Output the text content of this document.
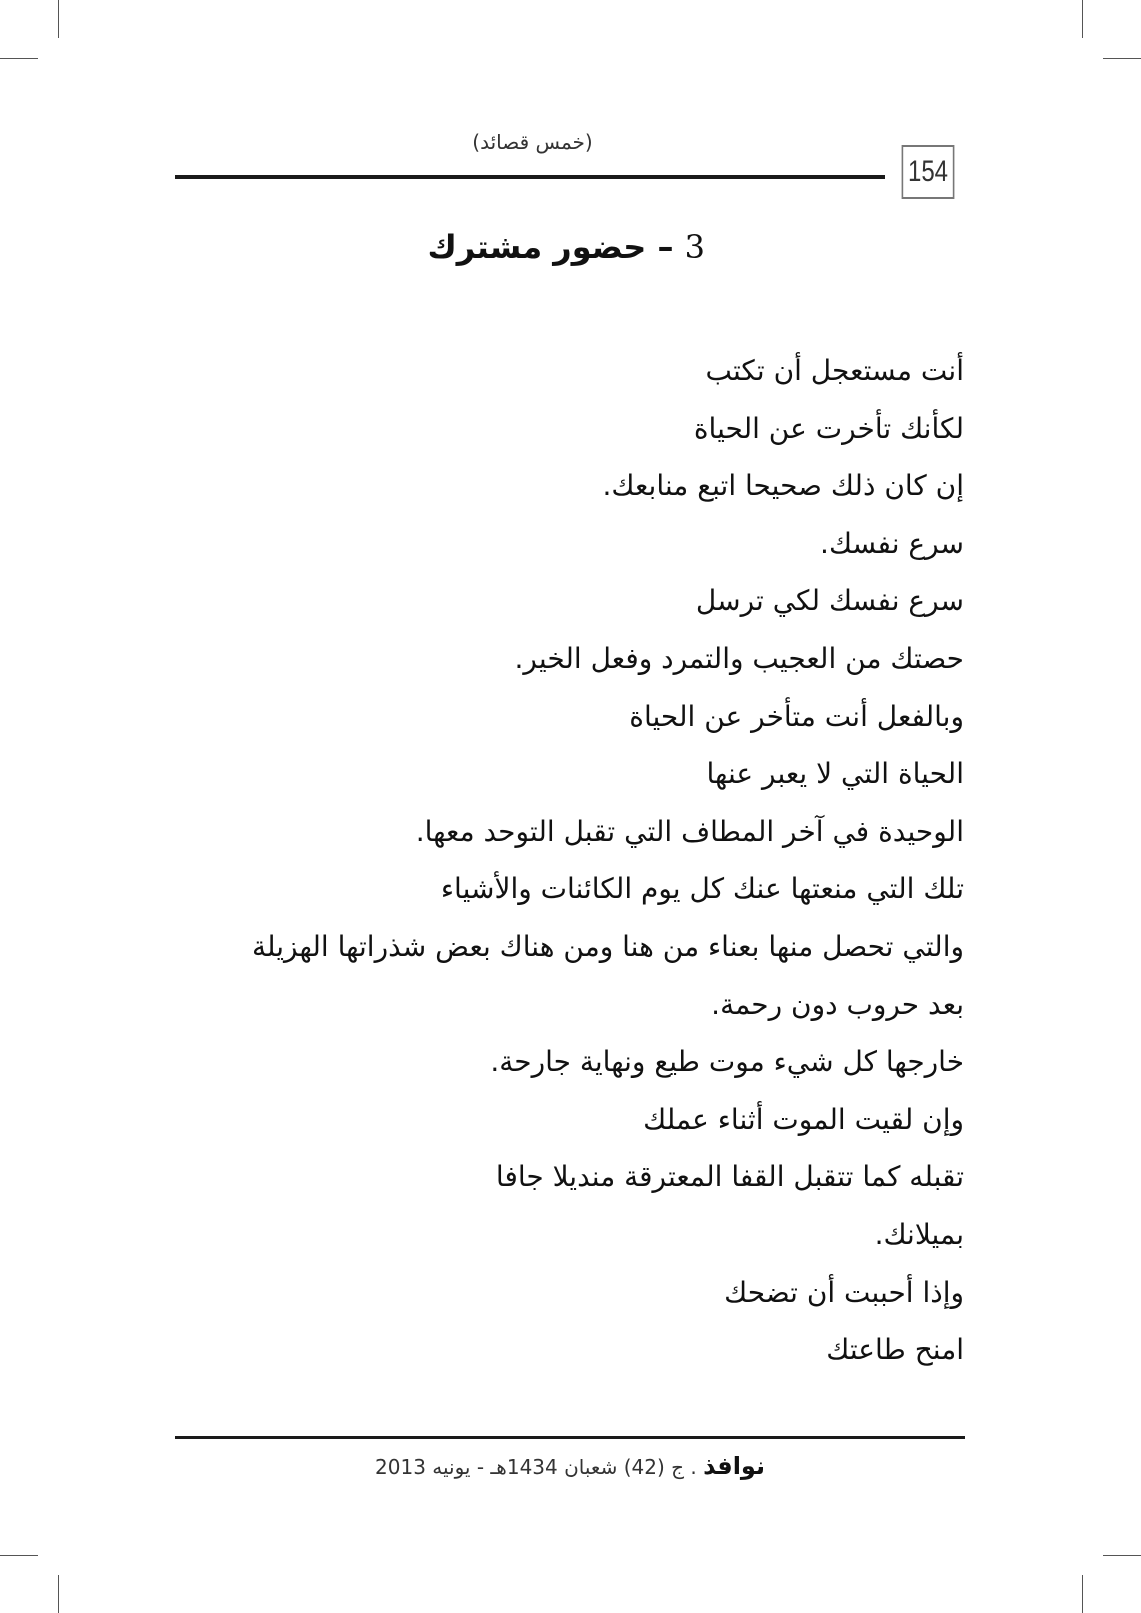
(خمس قصائد)
154
3 – حضور مشترك
أنت مستعجل أن تكتب
لكأنك تأخرت عن الحياة
إن كان ذلك صحيحا اتبع منابعك.
سرع نفسك.
سرع نفسك لكي ترسل
حصتك من العجيب والتمرد وفعل الخير.
وبالفعل أنت متأخر عن الحياة
الحياة التي لا يعبر عنها
الوحيدة في آخر المطاف التي تقبل التوحد معها.
تلك التي منعتها عنك كل يوم الكائنات والأشياء
والتي تحصل منها بعناء من هنا ومن هناك بعض شذراتها الهزيلة
بعد حروب دون رحمة.
خارجها كل شيء موت طيع ونهاية جارحة.
وإن لقيت الموت أثناء عملك
تقبله كما تتقبل القفا المعترقة منديلا جافا
بميلانك.
وإذا أحببت أن تضحك
امنح طاعتك
نوافذ . ج (42) شعبان 1434هـ - يونيه 2013
